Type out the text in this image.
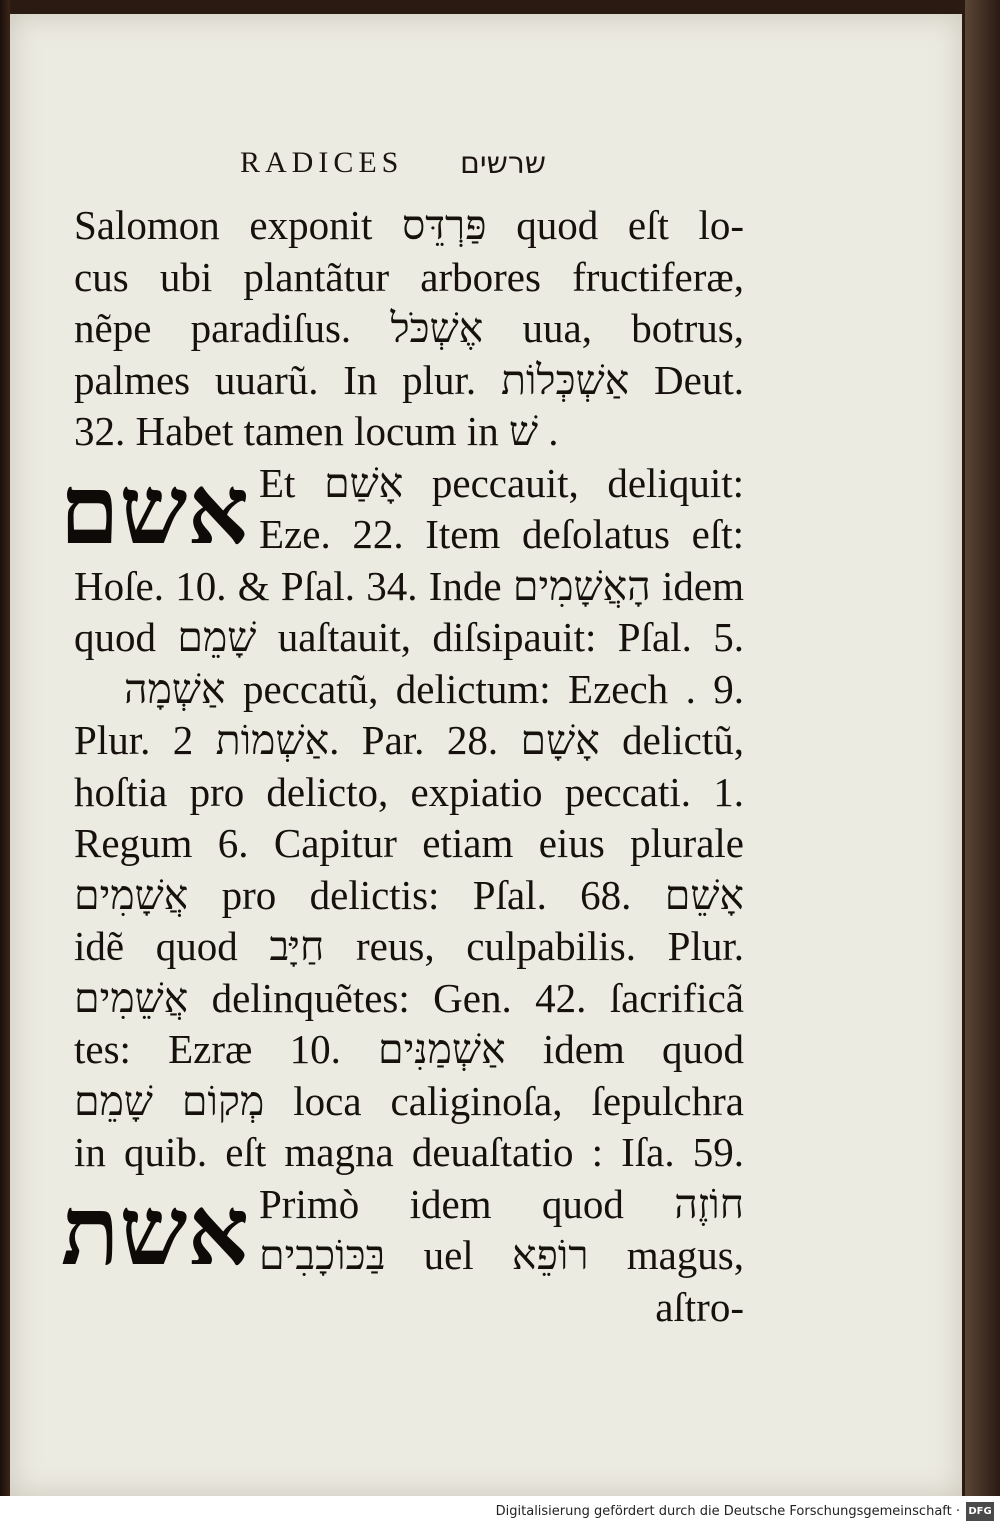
RADICES שרשים
Salomon exponit פַּרְדֵּס quod eſt lo-
cus ubi plantãtur arbores fructiferæ,
nẽpe paradiſus. אֶשְׁכֹּל uua, botrus,
palmes uuarũ. In plur. אַשְׁכְּלוֹת Deut.
32. Habet tamen locum in שׁ .
אשם Et אָשַׁם peccauit, deliquit:
Eze. 22. Item deſolatus eſt:
Hoſe. 10. & Pſal. 34. Inde הָאֲשָׁמִים idem
quod שָׁמֵם uaſtauit, diſsipauit: Pſal. 5.
אַשְׁמָה peccatũ, delictum: Ezech . 9.
Plur. אַשְׁמוֹת 2. Par. 28. אָשָׁם delictũ,
hoſtia pro delicto, expiatio peccati. 1.
Regum 6. Capitur etiam eius plurale
אֲשָׁמִים pro delictis: Pſal. 68. אָשֵׁם
idẽ quod חַיָּב reus, culpabilis. Plur.
אֲשֵׁמִים delinquẽtes: Gen. 42. ſacrificã
tes: Ezræ 10. אַשְׁמַנִּים idem quod
מְקוֹם שָׁמֵם loca caliginoſa, ſepulchra
in quib. eſt magna deuaſtatio : Iſa. 59.
אשת Primò idem quod חוֹזֶה
בַּכּוֹכָבִים uel רוֹפֵא magus,
aſtro-
Digitalisierung gefördert durch die Deutsche Forschungsgemeinschaft · DFG
